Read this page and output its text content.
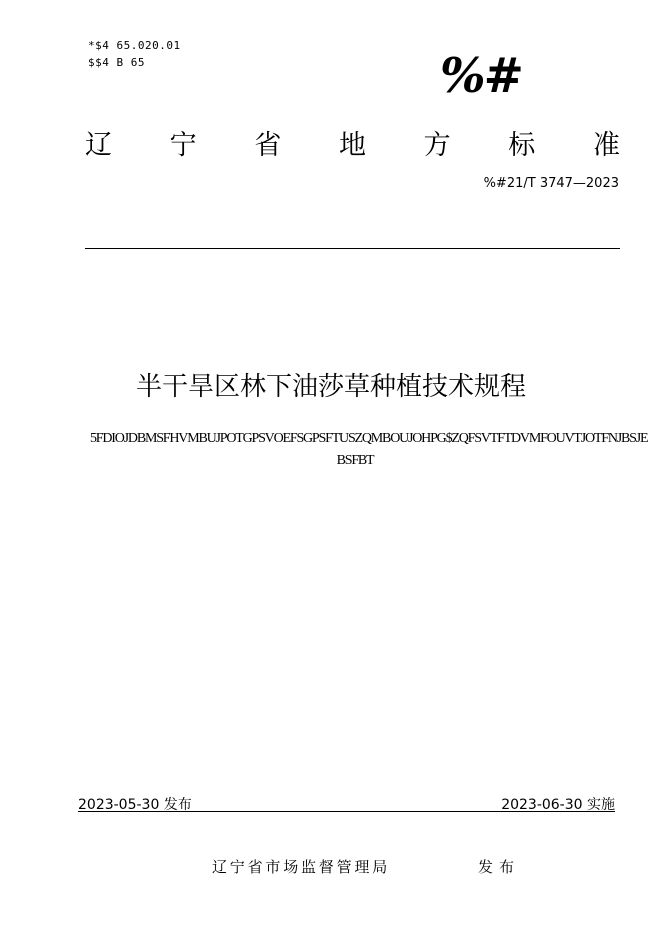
*$4 65.020.01
$$4 B 65	%#
辽 宁 省 地 方 标 准
%#21/T 3747—2023
半干旱区林下油莎草种植技术规程
5FDIOJDBMSFHVMBUJPOTGPSVOEFSGPSFTUSZQMBOUJOHPG$ZQFSVTFTDVMFOUVTJOTFNJBSJE
BSFBT
2023-05-30 发布	2023-06-30 实施
辽宁省市场监督管理局	发布
